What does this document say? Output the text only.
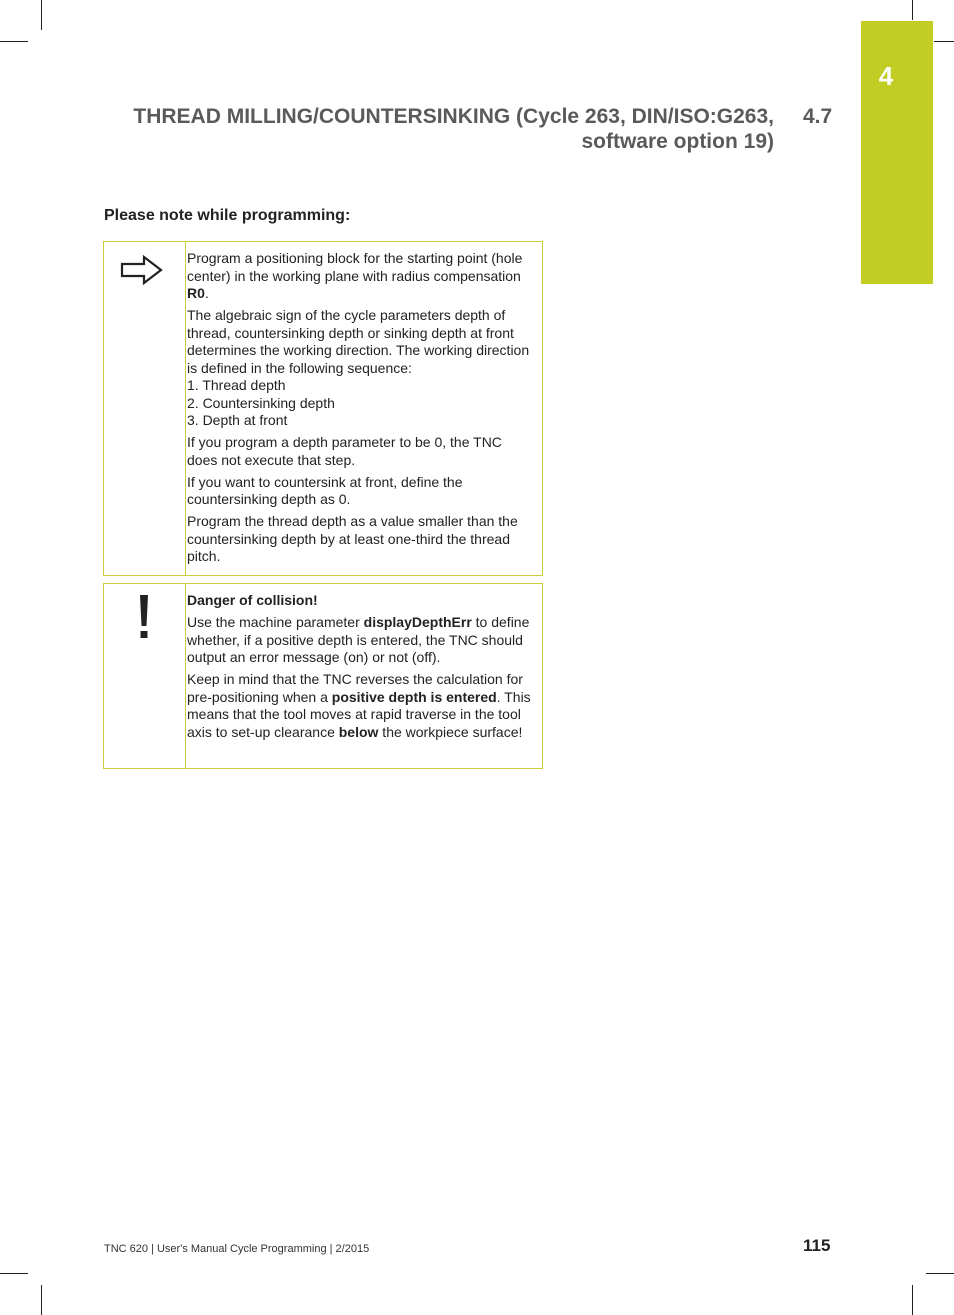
4
THREAD MILLING/COUNTERSINKING (Cycle 263, DIN/ISO:G263,
software option 19)
4.7
Please note while programming:

Program a positioning block for the starting point (hole center) in the working plane with radius compensation R0.

The algebraic sign of the cycle parameters depth of thread, countersinking depth or sinking depth at front determines the working direction. The working direction is defined in the following sequence:
1. Thread depth
2. Countersinking depth
3. Depth at front

If you program a depth parameter to be 0, the TNC does not execute that step.

If you want to countersink at front, define the countersinking depth as 0.

Program the thread depth as a value smaller than the countersinking depth by at least one-third the thread pitch.

Danger of collision!

Use the machine parameter displayDepthErr to define whether, if a positive depth is entered, the TNC should output an error message (on) or not (off).

Keep in mind that the TNC reverses the calculation for pre-positioning when a positive depth is entered. This means that the tool moves at rapid traverse in the tool axis to set-up clearance below the workpiece surface!

TNC 620 | User's Manual Cycle Programming | 2/2015	115
